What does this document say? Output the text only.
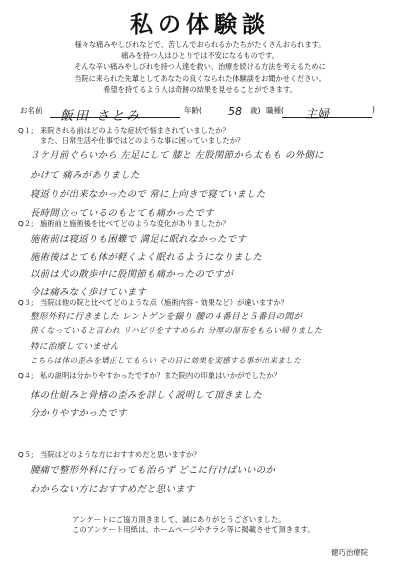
私の体験談
様々な痛みやしびれなどで、苦しんでおられるかたちがたくさんおられます。
痛みを持つ人はひとりでは不安になるものです。
そんな辛い痛みやしびれを持つ人達を救い、治療を続ける方法を考えるために
当院に来られた先輩としてあなたの良くなられた体験談をお聞かせください。
希望を持てるよう人は奇跡の結果を見せることができます。
お名前 飯田 さとみ	年齢( 58 歳) 職種( 主婦	)
Q１; 来院される前はどのような症状で悩まされていましたか？
また、日常生活や仕事ではどのような事に困っていましたか？
３ケ月前ぐらいから 左足にして 膝と 左股関節から太もも の外側に
かけて 痛みがありました
寝返りが出来なかったので 常に上向きで寝ていました
長時間立っているのもとても痛かったです
Q２; 施術前と施術後を比べてどのような変化がありましたか？
施術前は寝返りも困難で 満足に眠れなかったです
施術後はとても体が軽くよく眠れるようになりました
以前は犬の散歩中に股関節も痛かったのですが
今は痛みなく歩けています
Q３; 当院は他の院と比べてどのような点（施術内容・効果など）が違いますか？
整形外科に行きました レントゲンを撮り 腰の４番目と５番目の間が
狭くなっていると言われ リハビリをすすめられ 分厚の湿布をもらい帰りました
特に治療していません
こちらは体の歪みを矯正してもらい その日に効果を実感する事が出来ました
Q４; 私の説明は分かりやすかったですか？また院内の印象はいかがでしたか？
体の仕組みと骨格の歪みを詳しく説明して頂きました
分かりやすかったです
Q５; 当院はどのような方におすすめだと思いますか？
腰痛で整形外科に行っても治らず どこに行けばいいのか
わからない方におすすめだと思います
アンケートにご協力頂きまして、誠にありがとうございました。
このアンケート用紙は、ホームページやチラシ等に掲載させて頂きます。
健巧治療院
